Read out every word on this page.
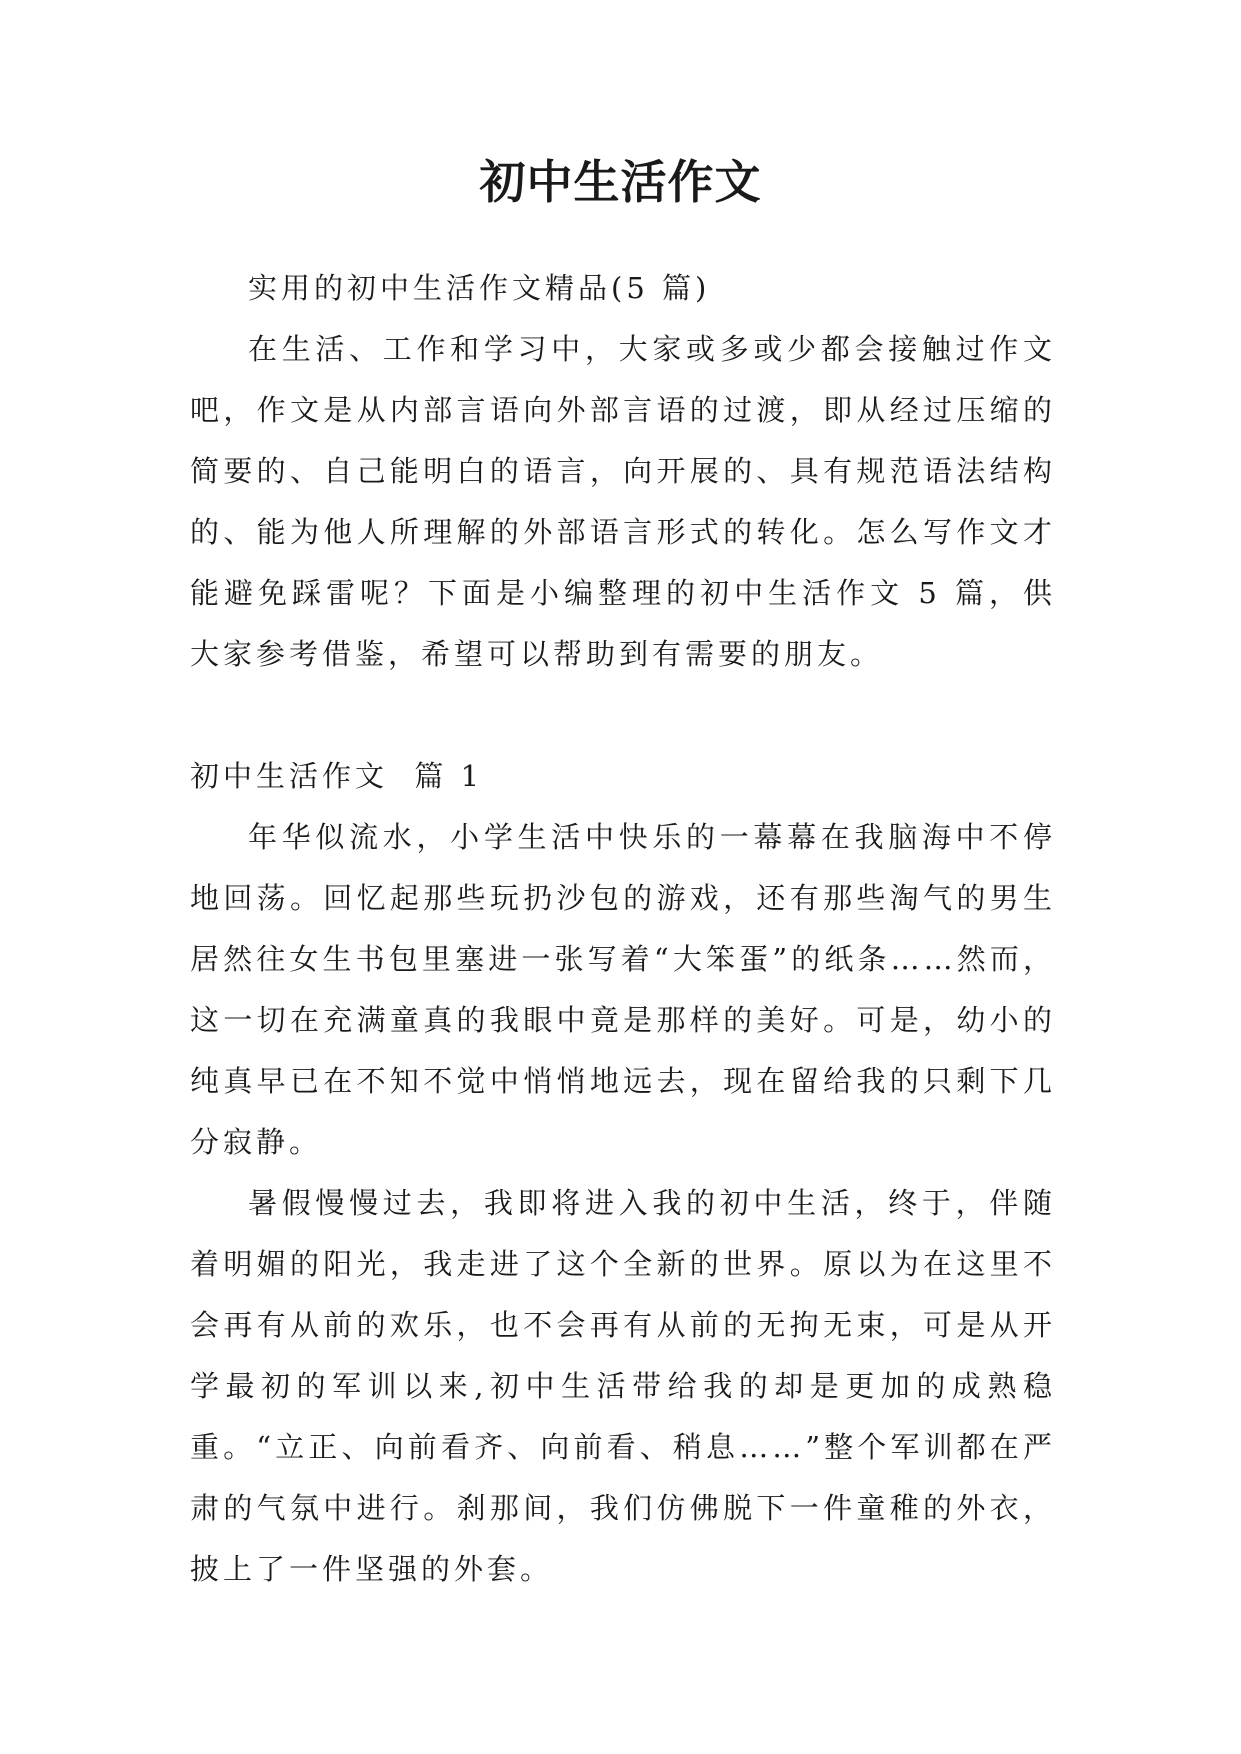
初中生活作文

实用的初中生活作文精品(5 篇)

在生活、工作和学习中，大家或多或少都会接触过作文吧，作文是从内部言语向外部言语的过渡，即从经过压缩的简要的、自己能明白的语言，向开展的、具有规范语法结构的、能为他人所理解的外部语言形式的转化。怎么写作文才能避免踩雷呢？下面是小编整理的初中生活作文 5 篇，供大家参考借鉴，希望可以帮助到有需要的朋友。

初中生活作文  篇 1

年华似流水，小学生活中快乐的一幕幕在我脑海中不停地回荡。回忆起那些玩扔沙包的游戏，还有那些淘气的男生居然往女生书包里塞进一张写着“大笨蛋”的纸条……然而，这一切在充满童真的我眼中竟是那样的美好。可是，幼小的纯真早已在不知不觉中悄悄地远去，现在留给我的只剩下几分寂静。

暑假慢慢过去，我即将进入我的初中生活，终于，伴随着明媚的阳光，我走进了这个全新的世界。原以为在这里不会再有从前的欢乐，也不会再有从前的无拘无束，可是从开学最初的军训以来,初中生活带给我的却是更加的成熟稳重。“立正、向前看齐、向前看、稍息……”整个军训都在严肃的气氛中进行。刹那间，我们仿佛脱下一件童稚的外衣，披上了一件坚强的外套。
